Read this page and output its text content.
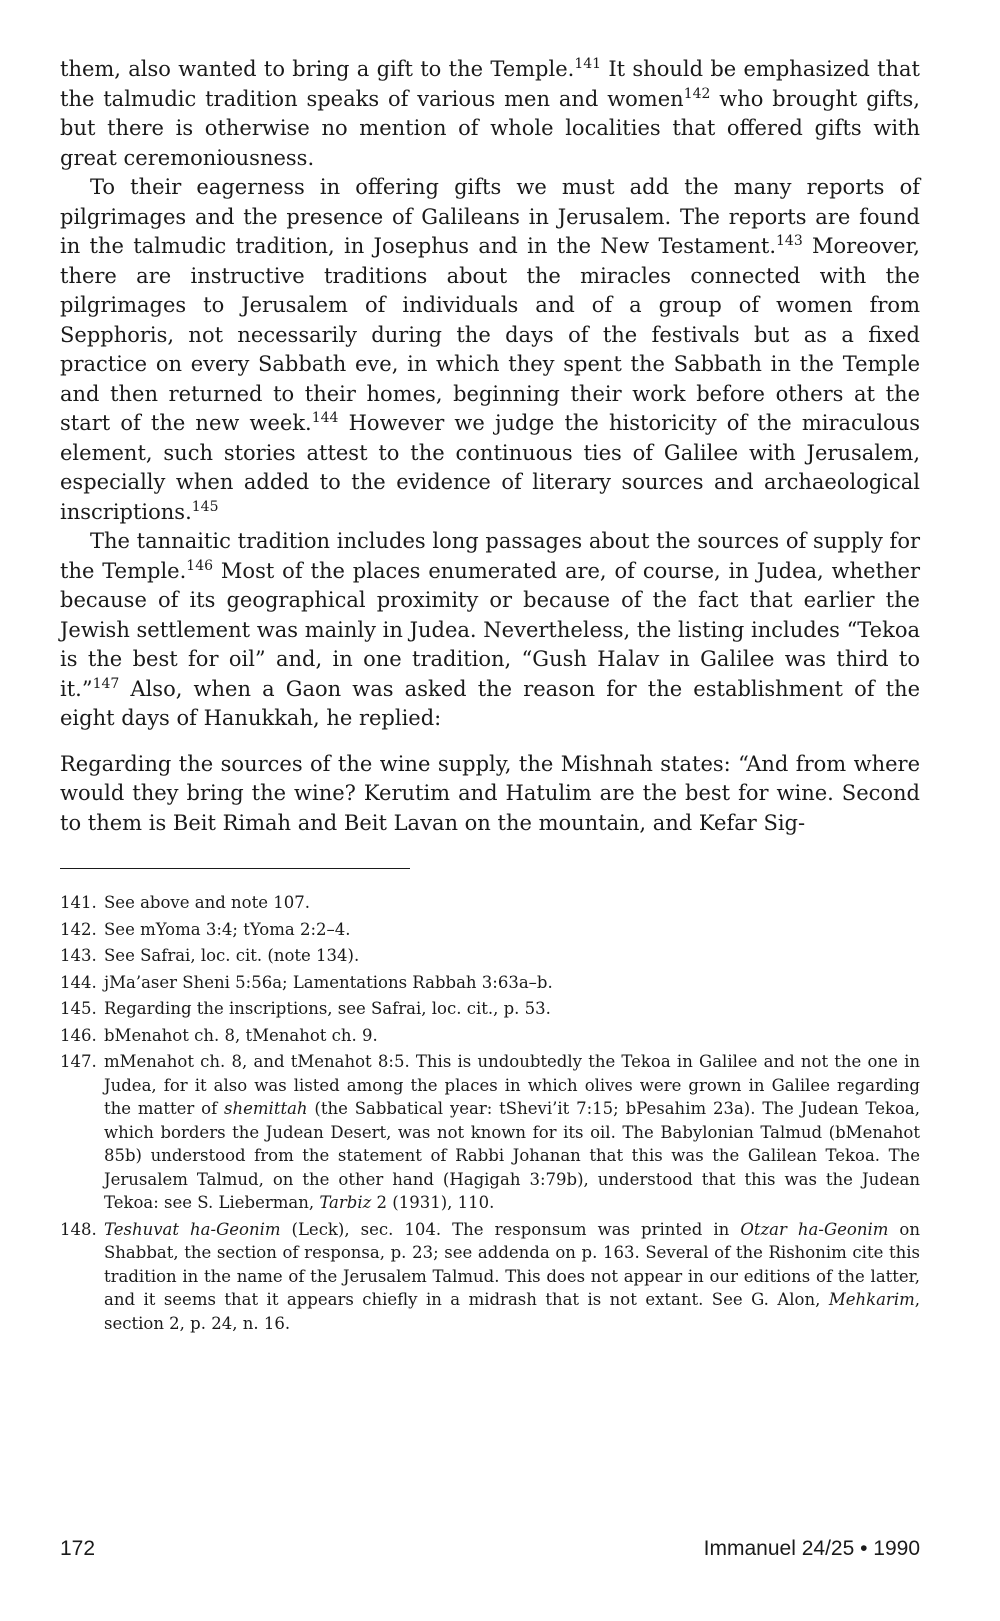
them, also wanted to bring a gift to the Temple.$^{141}$ It should be emphasized that the talmudic tradition speaks of various men and women$^{142}$ who brought gifts, but there is otherwise no mention of whole localities that offered gifts with great ceremoniousness.

To their eagerness in offering gifts we must add the many reports of pilgrimages and the presence of Galileans in Jerusalem. The reports are found in the talmudic tradition, in Josephus and in the New Testament.$^{143}$ Moreover, there are instructive traditions about the miracles connected with the pilgrimages to Jerusalem of individuals and of a group of women from Sepphoris, not necessarily during the days of the festivals but as a fixed practice on every Sabbath eve, in which they spent the Sabbath in the Temple and then returned to their homes, beginning their work before others at the start of the new week.$^{144}$ However we judge the historicity of the miraculous element, such stories attest to the continuous ties of Galilee with Jerusalem, especially when added to the evidence of literary sources and archaeological inscriptions.$^{145}$

The tannaitic tradition includes long passages about the sources of supply for the Temple.$^{146}$ Most of the places enumerated are, of course, in Judea, whether because of its geographical proximity or because of the fact that earlier the Jewish settlement was mainly in Judea. Nevertheless, the listing includes “Tekoa is the best for oil” and, in one tradition, “Gush Halav in Galilee was third to it.”$^{147}$ Also, when a Gaon was asked the reason for the establishment of the eight days of Hanukkah, he replied:

Regarding the sources of the wine supply, the Mishnah states: “And from where would they bring the wine? Kerutim and Hatulim are the best for wine. Second to them is Beit Rimah and Beit Lavan on the mountain, and Kefar Sig-

141. See above and note 107.
142. See mYoma 3:4; tYoma 2:2–4.
143. See Safrai, loc. cit. (note 134).
144. jMa’aser Sheni 5:56a; Lamentations Rabbah 3:63a–b.
145. Regarding the inscriptions, see Safrai, loc. cit., p. 53.
146. bMenahot ch. 8, tMenahot ch. 9.
147. mMenahot ch. 8, and tMenahot 8:5. This is undoubtedly the Tekoa in Galilee and not the one in Judea, for it also was listed among the places in which olives were grown in Galilee regarding the matter of shemittah (the Sabbatical year: tShevi’it 7:15; bPesahim 23a). The Judean Tekoa, which borders the Judean Desert, was not known for its oil. The Babylonian Talmud (bMenahot 85b) understood from the statement of Rabbi Johanan that this was the Galilean Tekoa. The Jerusalem Talmud, on the other hand (Hagigah 3:79b), understood that this was the Judean Tekoa: see S. Lieberman, Tarbiz 2 (1931), 110.
148. Teshuvat ha-Geonim (Leck), sec. 104. The responsum was printed in Otzar ha-Geonim on Shabbat, the section of responsa, p. 23; see addenda on p. 163. Several of the Rishonim cite this tradition in the name of the Jerusalem Talmud. This does not appear in our editions of the latter, and it seems that it appears chiefly in a midrash that is not extant. See G. Alon, Mehkarim, section 2, p. 24, n. 16.
172	Immanuel 24/25 • 1990
